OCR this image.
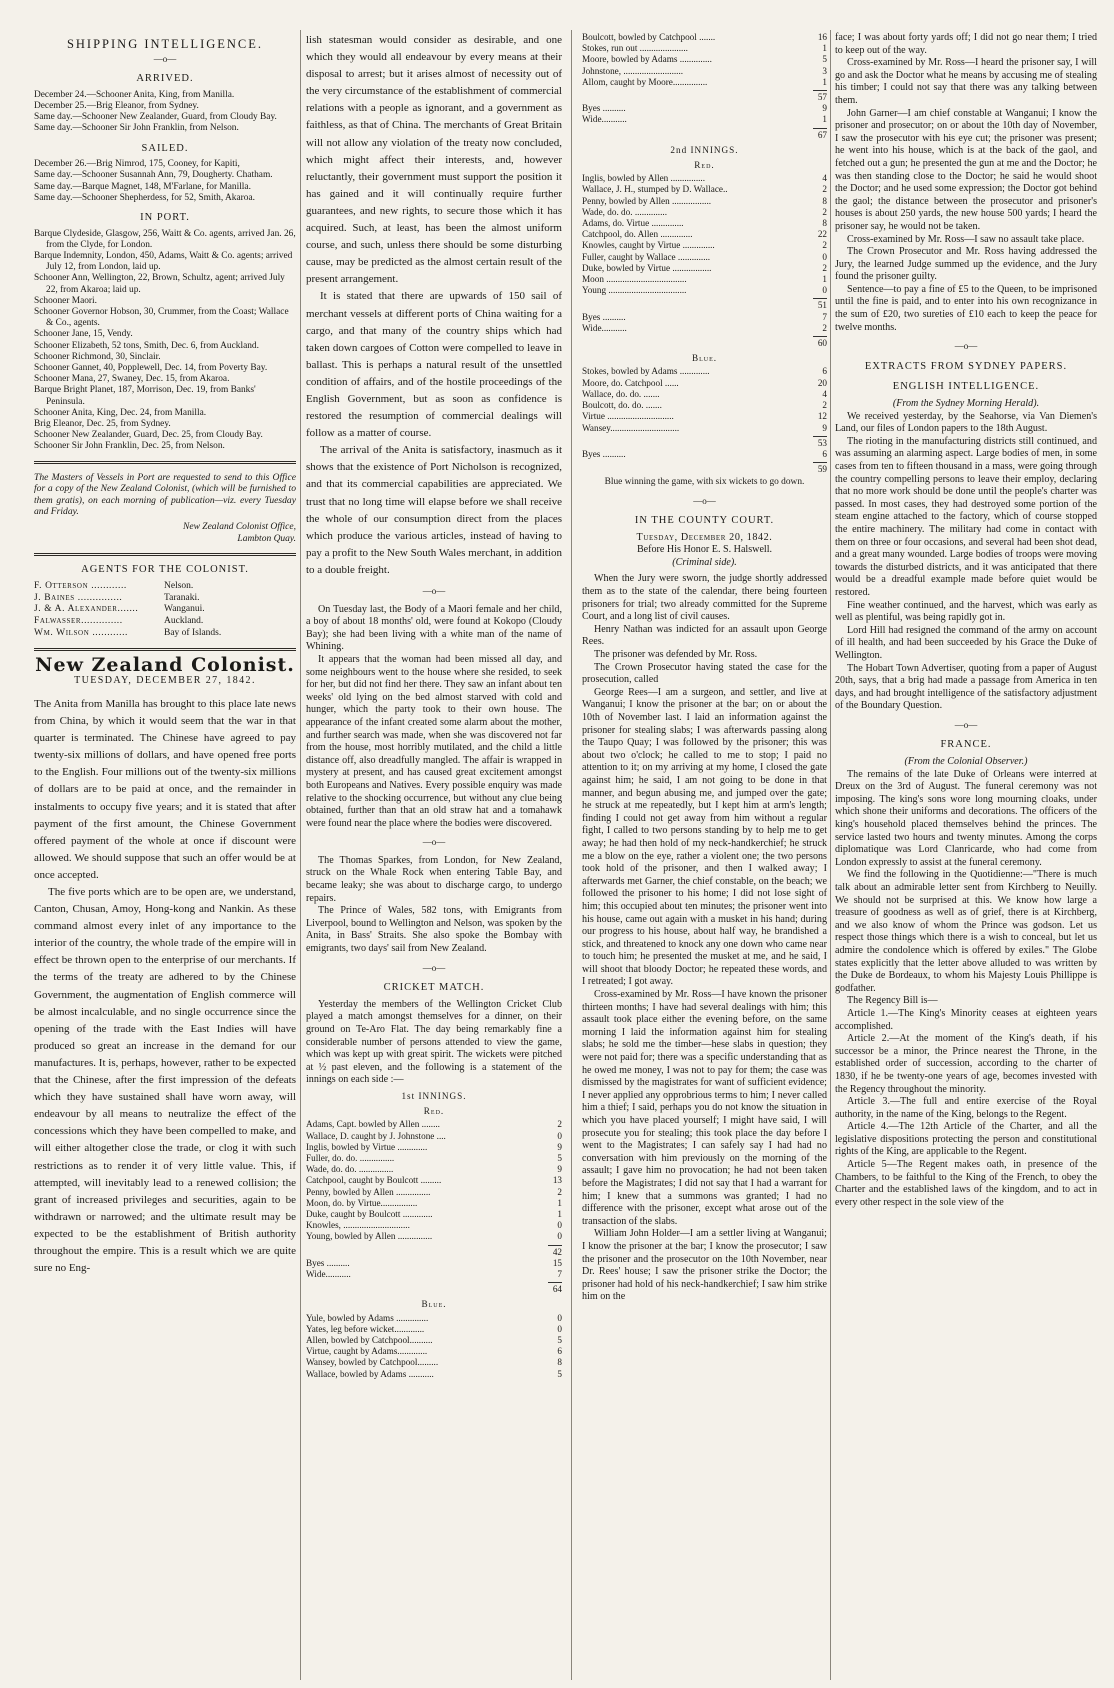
SHIPPING INTELLIGENCE.
—o—
ARRIVED.

December 24.—Schooner Anita, King, from Manilla.

December 25.—Brig Eleanor, from Sydney.

Same day.—Schooner New Zealander, Guard, from Cloudy Bay.

Same day.—Schooner Sir John Franklin, from Nelson.

SAILED.

December 26.—Brig Nimrod, 175, Cooney, for Kapiti,

Same day.—Schooner Susannah Ann, 79, Dougherty. Chatham.

Same day.—Barque Magnet, 148, M'Farlane, for Manilla.

Same day.—Schooner Shepherdess, for 52, Smith, Akaroa.

IN PORT.

Barque Clydeside, Glasgow, 256, Waitt & Co. agents, arrived Jan. 26, from the Clyde, for London.

Barque Indemnity, London, 450, Adams, Waitt & Co. agents; arrived July 12, from London, laid up.

Schooner Ann, Wellington, 22, Brown, Schultz, agent; arrived July 22, from Akaroa; laid up.

Schooner Maori.

Schooner Governor Hobson, 30, Crummer, from the Coast; Wallace & Co., agents.

Schooner Jane, 15, Vendy.

Schooner Elizabeth, 52 tons, Smith, Dec. 6, from Auckland.

Schooner Richmond, 30, Sinclair.

Schooner Gannet, 40, Popplewell, Dec. 14, from Poverty Bay.

Schooner Mana, 27, Swaney, Dec. 15, from Akaroa.

Barque Bright Planet, 187, Morrison, Dec. 19, from Banks' Peninsula.

Schooner Anita, King, Dec. 24, from Manilla.

Brig Eleanor, Dec. 25, from Sydney.

Schooner New Zealander, Guard, Dec. 25, from Cloudy Bay.

Schooner Sir John Franklin, Dec. 25, from Nelson.

The Masters of Vessels in Port are requested to send to this Office for a copy of the New Zealand Colonist, (which will be furnished to them gratis), on each morning of publication—viz. every Tuesday and Friday.
New Zealand Colonist Office,
Lambton Quay.
AGENTS FOR THE COLONIST.
F. Otterson ............	Nelson.
J. Baines ...............	Taranaki.
J. & A. Alexander.......	Wanganui.
Falwasser..............	Auckland.
Wm. Wilson ............	Bay of Islands.
New Zealand Colonist.
TUESDAY, DECEMBER 27, 1842.

The Anita from Manilla has brought to this place late news from China, by which it would seem that the war in that quarter is terminated. The Chinese have agreed to pay twenty-six millions of dollars, and have opened free ports to the English. Four millions out of the twenty-six millions of dollars are to be paid at once, and the remainder in instalments to occupy five years; and it is stated that after payment of the first amount, the Chinese Government offered payment of the whole at once if discount were allowed. We should suppose that such an offer would be at once accepted.

The five ports which are to be open are, we understand, Canton, Chusan, Amoy, Hong-kong and Nankin. As these command almost every inlet of any importance to the interior of the country, the whole trade of the empire will in effect be thrown open to the enterprise of our merchants. If the terms of the treaty are adhered to by the Chinese Government, the augmentation of English commerce will be almost incalculable, and no single occurrence since the opening of the trade with the East Indies will have produced so great an increase in the demand for our manufactures. It is, perhaps, however, rather to be expected that the Chinese, after the first impression of the defeats which they have sustained shall have worn away, will endeavour by all means to neutralize the effect of the concessions which they have been compelled to make, and will either altogether close the trade, or clog it with such restrictions as to render it of very little value. This, if attempted, will inevitably lead to a renewed collision; the grant of increased privileges and securities, again to be withdrawn or narrowed; and the ultimate result may be expected to be the establishment of British authority throughout the empire. This is a result which we are quite sure no Eng-

lish statesman would consider as desirable, and one which they would all endeavour by every means at their disposal to arrest; but it arises almost of necessity out of the very circumstance of the establishment of commercial relations with a people as ignorant, and a government as faithless, as that of China. The merchants of Great Britain will not allow any violation of the treaty now concluded, which might affect their interests, and, however reluctantly, their government must support the position it has gained and it will continually require further guarantees, and new rights, to secure those which it has acquired. Such, at least, has been the almost uniform course, and such, unless there should be some disturbing cause, may be predicted as the almost certain result of the present arrangement.

It is stated that there are upwards of 150 sail of merchant vessels at different ports of China waiting for a cargo, and that many of the country ships which had taken down cargoes of Cotton were compelled to leave in ballast. This is perhaps a natural result of the unsettled condition of affairs, and of the hostile proceedings of the English Government, but as soon as confidence is restored the resumption of commercial dealings will follow as a matter of course.

The arrival of the Anita is satisfactory, inasmuch as it shows that the existence of Port Nicholson is recognized, and that its commercial capabilities are appreciated. We trust that no long time will elapse before we shall receive the whole of our consumption direct from the places which produce the various articles, instead of having to pay a profit to the New South Wales merchant, in addition to a double freight.

—o—

On Tuesday last, the Body of a Maori female and her child, a boy of about 18 months' old, were found at Kokopo (Cloudy Bay); she had been living with a white man of the name of Whining.

It appears that the woman had been missed all day, and some neighbours went to the house where she resided, to seek for her, but did not find her there. They saw an infant about ten weeks' old lying on the bed almost starved with cold and hunger, which the party took to their own house. The appearance of the infant created some alarm about the mother, and further search was made, when she was discovered not far from the house, most horribly mutilated, and the child a little distance off, also dreadfully mangled. The affair is wrapped in mystery at present, and has caused great excitement amongst both Europeans and Natives. Every possible enquiry was made relative to the shocking occurrence, but without any clue being obtained, further than that an old straw hat and a tomahawk were found near the place where the bodies were discovered.

—o—

The Thomas Sparkes, from London, for New Zealand, struck on the Whale Rock when entering Table Bay, and became leaky; she was about to discharge cargo, to undergo repairs.

The Prince of Wales, 582 tons, with Emigrants from Liverpool, bound to Wellington and Nelson, was spoken by the Anita, in Bass' Straits. She also spoke the Bombay with emigrants, two days' sail from New Zealand.

—o—
CRICKET MATCH.

Yesterday the members of the Wellington Cricket Club played a match amongst themselves for a dinner, on their ground on Te-Aro Flat. The day being remarkably fine a considerable number of persons attended to view the game, which was kept up with great spirit. The wickets were pitched at ½ past eleven, and the following is a statement of the innings on each side :—

1st INNINGS.
Red.
Adams, Capt. bowled by Allen ........	2
Wallace, D. caught by J. Johnstone ....	0
Inglis, bowled by Virtue .............	9
Fuller, do. do. ...............	5
Wade, do. do. ...............	9
Catchpool, caught by Boulcott .........	13
Penny, bowled by Allen ...............	2
Moon, do. by Virtue................	1
Duke, caught by Boulcott .............	1
Knowles, .............................	0
Young, bowled by Allen ...............	0
42
Byes ..........	15
Wide...........	7
64
Blue.
Yule, bowled by Adams ..............	0
Yates, leg before wicket.............	0
Allen, bowled by Catchpool..........	5
Virtue, caught by Adams.............	6
Wansey, bowled by Catchpool.........	8
Wallace, bowled by Adams ...........	5
Boulcott, bowled by Catchpool .......	16
Stokes, run out .....................	1
Moore, bowled by Adams ..............	5
Johnstone, ..........................	3
Allom, caught by Moore...............	1
57
Byes ..........	9
Wide...........	1
67
2nd INNINGS.
Red.
Inglis, bowled by Allen ...............	4
Wallace, J. H., stumped by D. Wallace..	2
Penny, bowled by Allen .................	8
Wade, do. do. ..............	2
Adams, do. Virtue ..............	8
Catchpool, do. Allen ..............	22
Knowles, caught by Virtue ..............	2
Fuller, caught by Wallace ..............	0
Duke, bowled by Virtue .................	2
Moon ...................................	1
Young ..................................	0
51
Byes ..........	7
Wide...........	2
60
Blue.
Stokes, bowled by Adams .............	6
Moore, do. Catchpool ......	20
Wallace, do. do. .......	4
Boulcott, do. do. .......	2
Virtue .............................	12
Wansey..............................	9
53
Byes ..........	6
59
Blue winning the game, with six wickets to go down.
—o—
IN THE COUNTY COURT.
Tuesday, December 20, 1842.
Before His Honor E. S. Halswell.
(Criminal side).

When the Jury were sworn, the judge shortly addressed them as to the state of the calendar, there being fourteen prisoners for trial; two already committed for the Supreme Court, and a long list of civil causes.

Henry Nathan was indicted for an assault upon George Rees.

The prisoner was defended by Mr. Ross.

The Crown Prosecutor having stated the case for the prosecution, called

George Rees—I am a surgeon, and settler, and live at Wanganui; I know the prisoner at the bar; on or about the 10th of November last. I laid an information against the prisoner for stealing slabs; I was afterwards passing along the Taupo Quay; I was followed by the prisoner; this was about two o'clock; he called to me to stop; I paid no attention to it; on my arriving at my home, I closed the gate against him; he said, I am not going to be done in that manner, and begun abusing me, and jumped over the gate; he struck at me repeatedly, but I kept him at arm's length; finding I could not get away from him without a regular fight, I called to two persons standing by to help me to get away; he had then hold of my neck-handkerchief; he struck me a blow on the eye, rather a violent one; the two persons took hold of the prisoner, and then I walked away; I afterwards met Garner, the chief constable, on the beach; we followed the prisoner to his home; I did not lose sight of him; this occupied about ten minutes; the prisoner went into his house, came out again with a musket in his hand; during our progress to his house, about half way, he brandished a stick, and threatened to knock any one down who came near to touch him; he presented the musket at me, and he said, I will shoot that bloody Doctor; he repeated these words, and I retreated; I got away.

Cross-examined by Mr. Ross—I have known the prisoner thirteen months; I have had several dealings with him; this assault took place either the evening before, on the same morning I laid the information against him for stealing slabs; he sold me the timber—hese slabs in question; they were not paid for; there was a specific understanding that as he owed me money, I was not to pay for them; the case was dismissed by the magistrates for want of sufficient evidence; I never applied any opprobrious terms to him; I never called him a thief; I said, perhaps you do not know the situation in which you have placed yourself; I might have said, I will prosecute you for stealing; this took place the day before I went to the Magistrates; I can safely say I had had no conversation with him previously on the morning of the assault; I gave him no provocation; he had not been taken before the Magistrates; I did not say that I had a warrant for him; I knew that a summons was granted; I had no difference with the prisoner, except what arose out of the transaction of the slabs.

William John Holder—I am a settler living at Wanganui; I know the prisoner at the bar; I know the prosecutor; I saw the prisoner and the prosecutor on the 10th November, near Dr. Rees' house; I saw the prisoner strike the Doctor; the prisoner had hold of his neck-handkerchief; I saw him strike him on the

face; I was about forty yards off; I did not go near them; I tried to keep out of the way.

Cross-examined by Mr. Ross—I heard the prisoner say, I will go and ask the Doctor what he means by accusing me of stealing his timber; I could not say that there was any talking between them.

John Garner—I am chief constable at Wanganui; I know the prisoner and prosecutor; on or about the 10th day of November, I saw the prosecutor with his eye cut; the prisoner was present; he went into his house, which is at the back of the gaol, and fetched out a gun; he presented the gun at me and the Doctor; he was then standing close to the Doctor; he said he would shoot the Doctor; and he used some expression; the Doctor got behind the gaol; the distance between the prosecutor and prisoner's houses is about 250 yards, the new house 500 yards; I heard the prisoner say, he would not be taken.

Cross-examined by Mr. Ross—I saw no assault take place.

The Crown Prosecutor and Mr. Ross having addressed the Jury, the learned Judge summed up the evidence, and the Jury found the prisoner guilty.

Sentence—to pay a fine of £5 to the Queen, to be imprisoned until the fine is paid, and to enter into his own recognizance in the sum of £20, two sureties of £10 each to keep the peace for twelve months.

—o—
EXTRACTS FROM SYDNEY PAPERS.
ENGLISH INTELLIGENCE.
(From the Sydney Morning Herald).

We received yesterday, by the Seahorse, via Van Diemen's Land, our files of London papers to the 18th August.

The rioting in the manufacturing districts still continued, and was assuming an alarming aspect. Large bodies of men, in some cases from ten to fifteen thousand in a mass, were going through the country compelling persons to leave their employ, declaring that no more work should be done until the people's charter was passed. In most cases, they had destroyed some portion of the steam engine attached to the factory, which of course stopped the entire machinery. The military had come in contact with them on three or four occasions, and several had been shot dead, and a great many wounded. Large bodies of troops were moving towards the disturbed districts, and it was anticipated that there would be a dreadful example made before quiet would be restored.

Fine weather continued, and the harvest, which was early as well as plentiful, was being rapidly got in.

Lord Hill had resigned the command of the army on account of ill health, and had been succeeded by his Grace the Duke of Wellington.

The Hobart Town Advertiser, quoting from a paper of August 20th, says, that a brig had made a passage from America in ten days, and had brought intelligence of the satisfactory adjustment of the Boundary Question.

—o—
FRANCE.
(From the Colonial Observer.)

The remains of the late Duke of Orleans were interred at Dreux on the 3rd of August. The funeral ceremony was not imposing. The king's sons wore long mourning cloaks, under which shone their uniforms and decorations. The officers of the king's household placed themselves behind the princes. The service lasted two hours and twenty minutes. Among the corps diplomatique was Lord Clanricarde, who had come from London expressly to assist at the funeral ceremony.

We find the following in the Quotidienne:—"There is much talk about an admirable letter sent from Kirchberg to Neuilly. We should not be surprised at this. We know how large a treasure of goodness as well as of grief, there is at Kirchberg, and we also know of whom the Prince was godson. Let us respect those things which there is a wish to conceal, but let us admire the condolence which is offered by exiles." The Globe states explicitly that the letter above alluded to was written by the Duke de Bordeaux, to whom his Majesty Louis Phillippe is godfather.

The Regency Bill is—

Article 1.—The King's Minority ceases at eighteen years accomplished.

Article 2.—At the moment of the King's death, if his successor be a minor, the Prince nearest the Throne, in the established order of succession, according to the charter of 1830, if he be twenty-one years of age, becomes invested with the Regency throughout the minority.

Article 3.—The full and entire exercise of the Royal authority, in the name of the King, belongs to the Regent.

Article 4.—The 12th Article of the Charter, and all the legislative dispositions protecting the person and constitutional rights of the King, are applicable to the Regent.

Article 5—The Regent makes oath, in presence of the Chambers, to be faithful to the King of the French, to obey the Charter and the established laws of the kingdom, and to act in every other respect in the sole view of the
